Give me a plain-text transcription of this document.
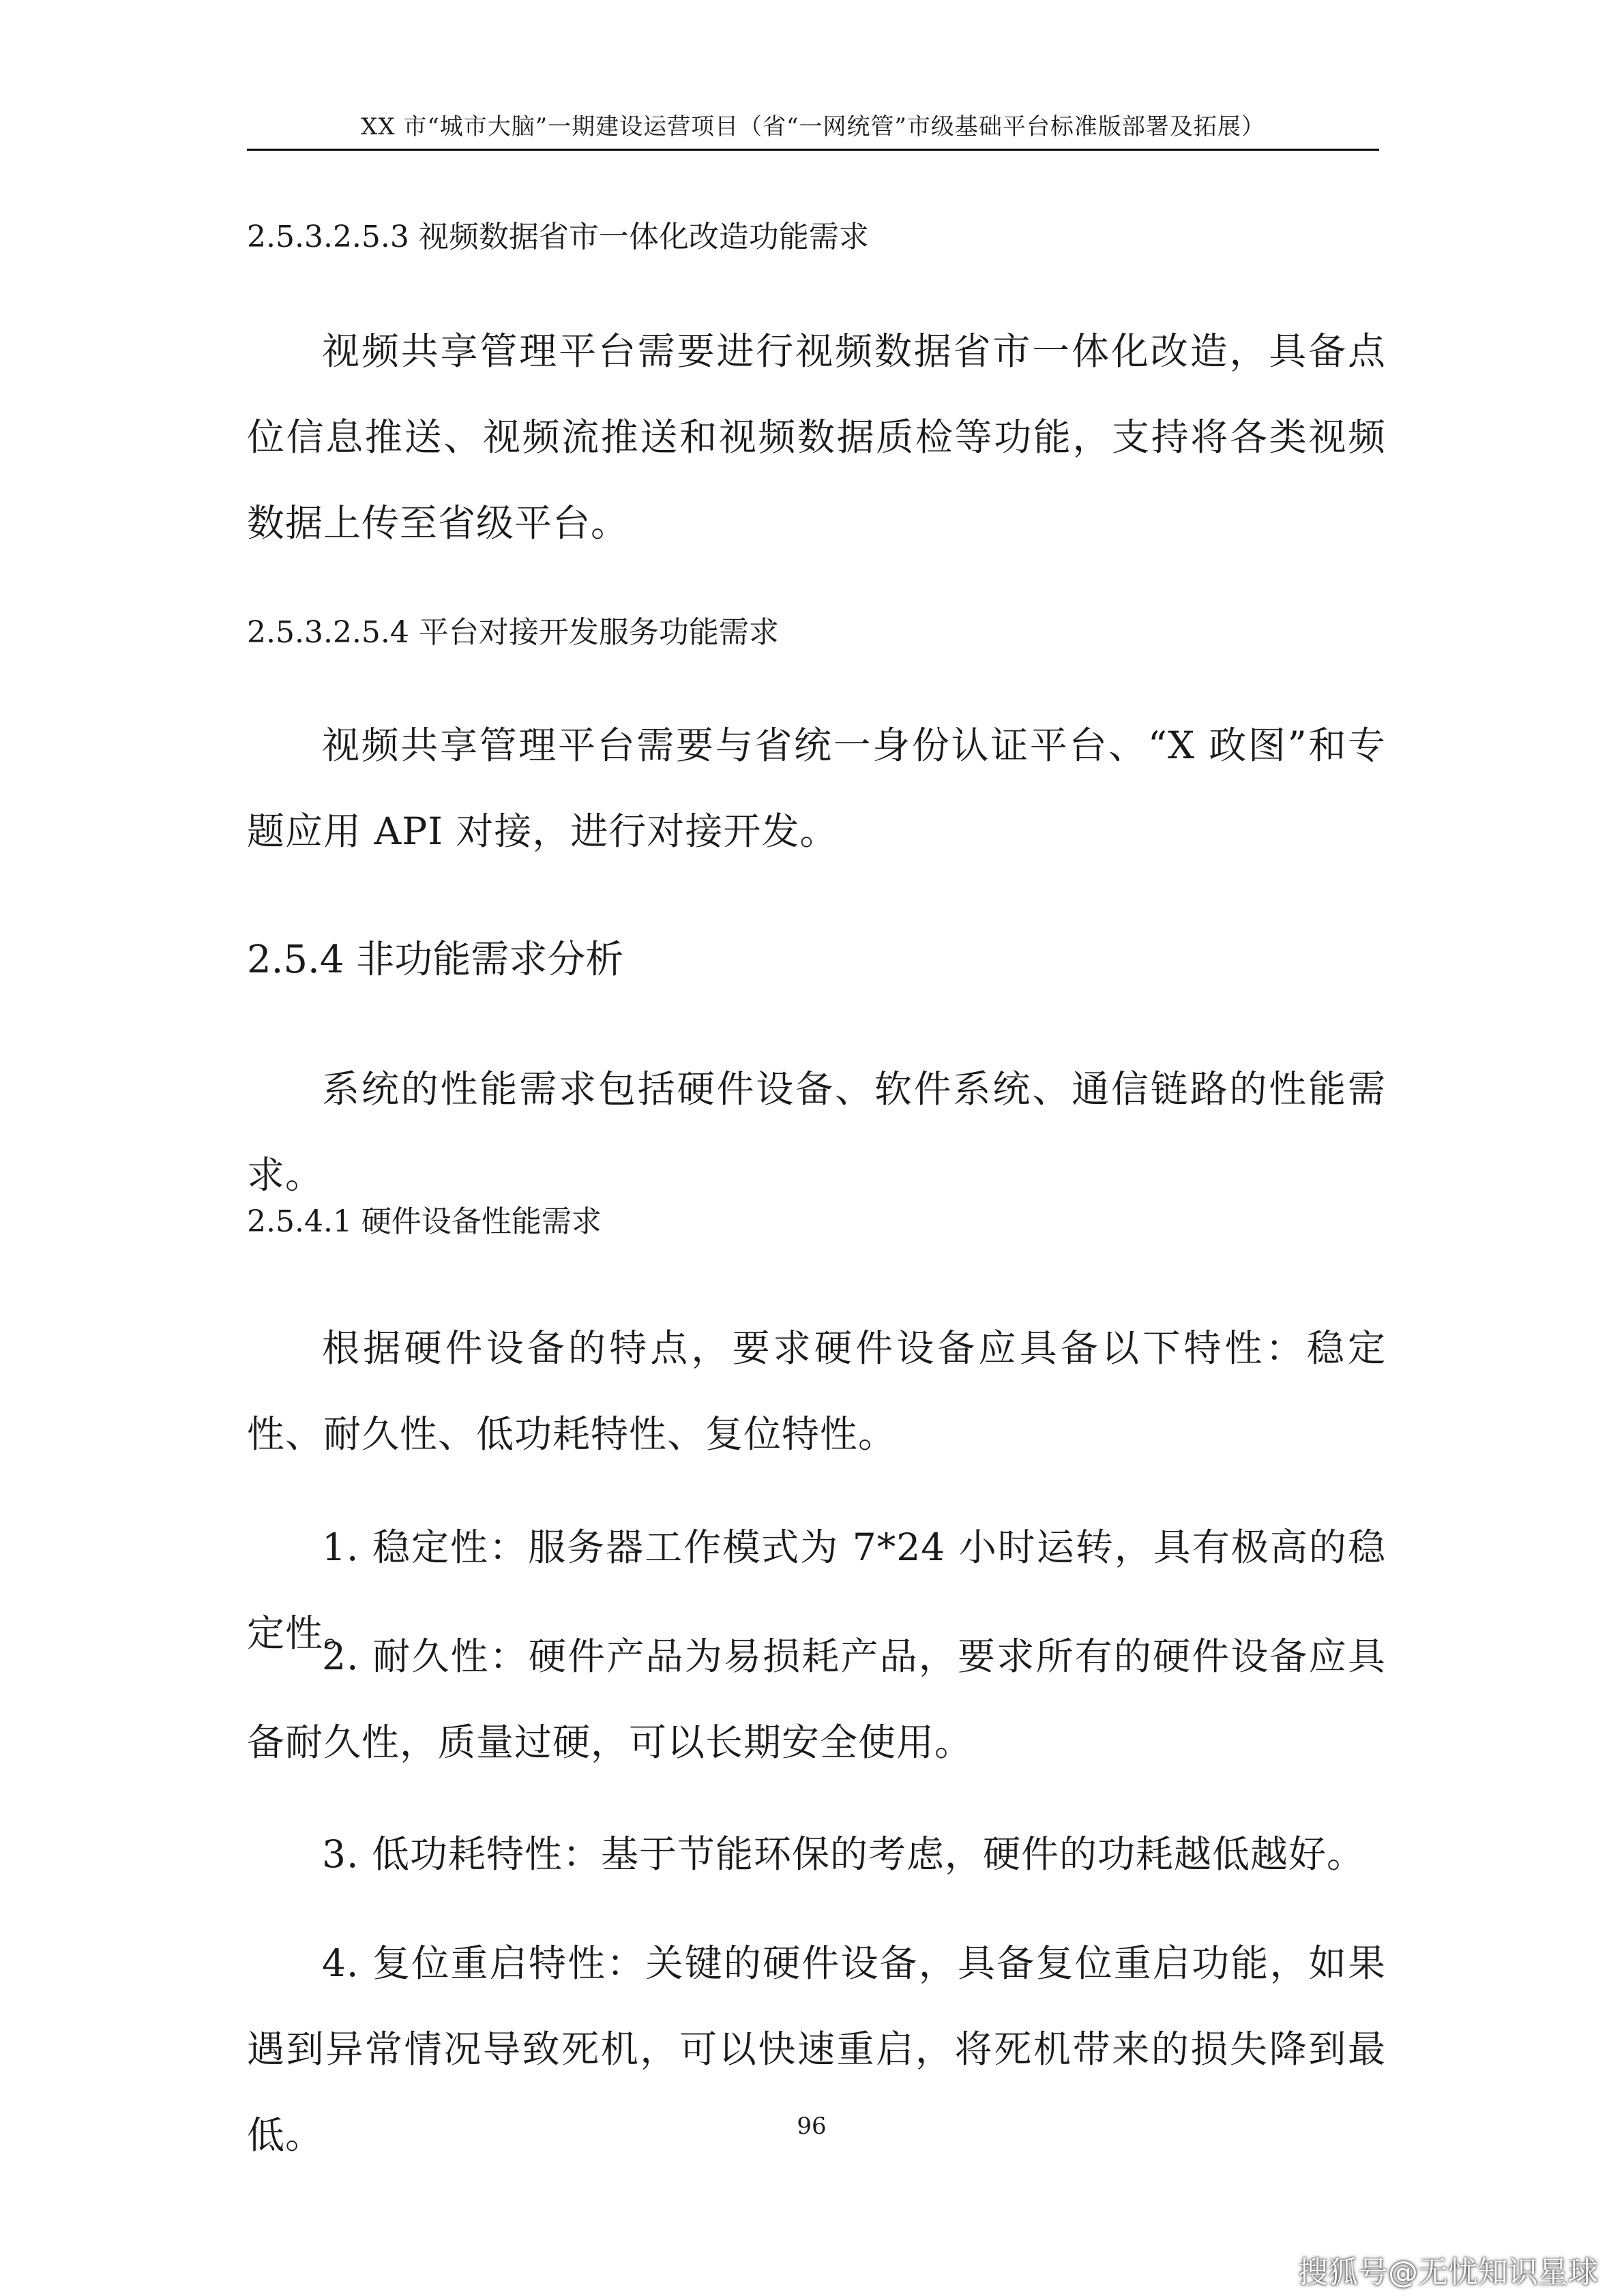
XX 市“城市大脑”一期建设运营项目（省“一网统管”市级基础平台标准版部署及拓展）
2.5.3.2.5.3 视频数据省市一体化改造功能需求

视频共享管理平台需要进行视频数据省市一体化改造，具备点位信息推送、视频流推送和视频数据质检等功能，支持将各类视频数据上传至省级平台。

2.5.3.2.5.4 平台对接开发服务功能需求

视频共享管理平台需要与省统一身份认证平台、“X 政图”和专题应用 API 对接，进行对接开发。

2.5.4 非功能需求分析

系统的性能需求包括硬件设备、软件系统、通信链路的性能需求。

2.5.4.1 硬件设备性能需求

根据硬件设备的特点，要求硬件设备应具备以下特性：稳定性、耐久性、低功耗特性、复位特性。

1. 稳定性：服务器工作模式为 7*24 小时运转，具有极高的稳定性。

2. 耐久性：硬件产品为易损耗产品，要求所有的硬件设备应具备耐久性，质量过硬，可以长期安全使用。

3. 低功耗特性：基于节能环保的考虑，硬件的功耗越低越好。

4. 复位重启特性：关键的硬件设备，具备复位重启功能，如果遇到异常情况导致死机，可以快速重启，将死机带来的损失降到最低。	96
搜狐号@无忧知识星球
